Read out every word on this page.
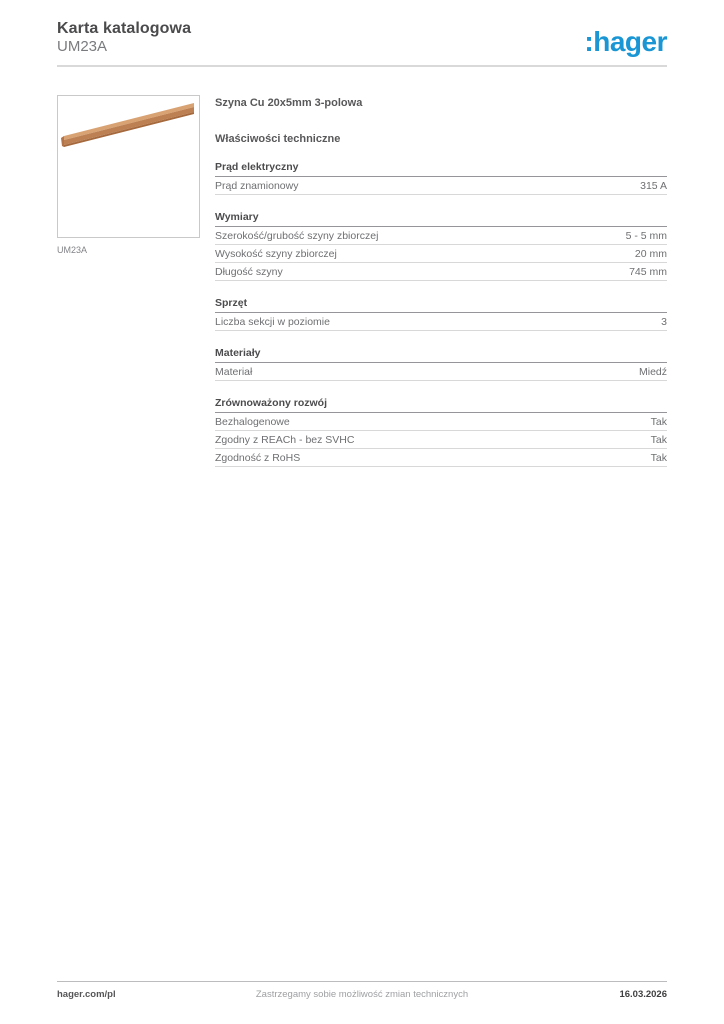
Karta katalogowa
UM23A	:hager
UM23A
Szyna Cu 20x5mm 3-polowa
Właściwości techniczne
Prąd elektryczny
Prąd znamionowy	315 A
Wymiary
Szerokość/grubość szyny zbiorczej	5 - 5 mm
Wysokość szyny zbiorczej	20 mm
Długość szyny	745 mm
Sprzęt
Liczba sekcji w poziomie	3
Materiały
Materiał	Miedź
Zrównoważony rozwój
Bezhalogenowe	Tak
Zgodny z REACh - bez SVHC	Tak
Zgodność z RoHS	Tak
hager.com/pl	Zastrzegamy sobie możliwość zmian technicznych	16.03.2026
